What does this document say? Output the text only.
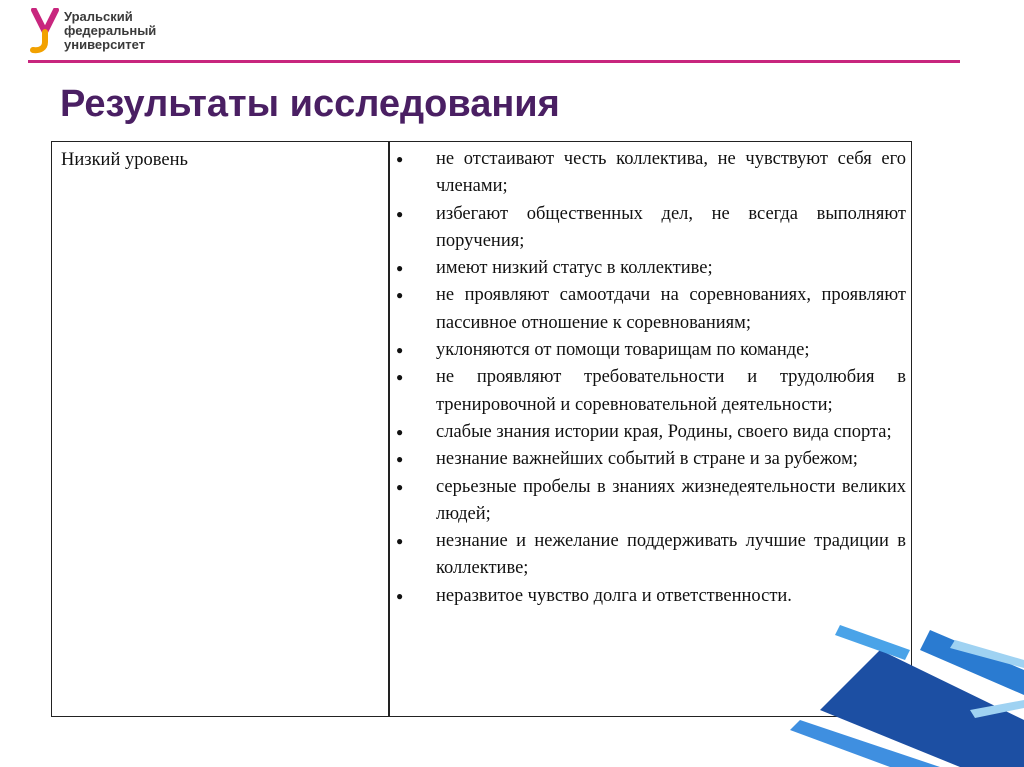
Уральский
федеральный
университет
Результаты исследования
Низкий уровень	●	не отстаивают честь коллектива, не чувствуют себя его членами;
●	избегают общественных дел, не всегда выполняют поручения;
●	имеют низкий статус в коллективе;
●	не проявляют самоотдачи на соревнованиях, проявляют пассивное отношение к соревнованиям;
●	уклоняются от помощи товарищам по команде;
●	не проявляют требовательности и трудолюбия в тренировочной и соревновательной деятельности;
●	слабые знания истории края, Родины, своего вида спорта;
●	незнание важнейших событий в стране и за рубежом;
●	серьезные пробелы в знаниях жизнедеятельности великих людей;
●	незнание и нежелание поддерживать лучшие традиции в коллективе;
●	неразвитое чувство долга и ответственности.
